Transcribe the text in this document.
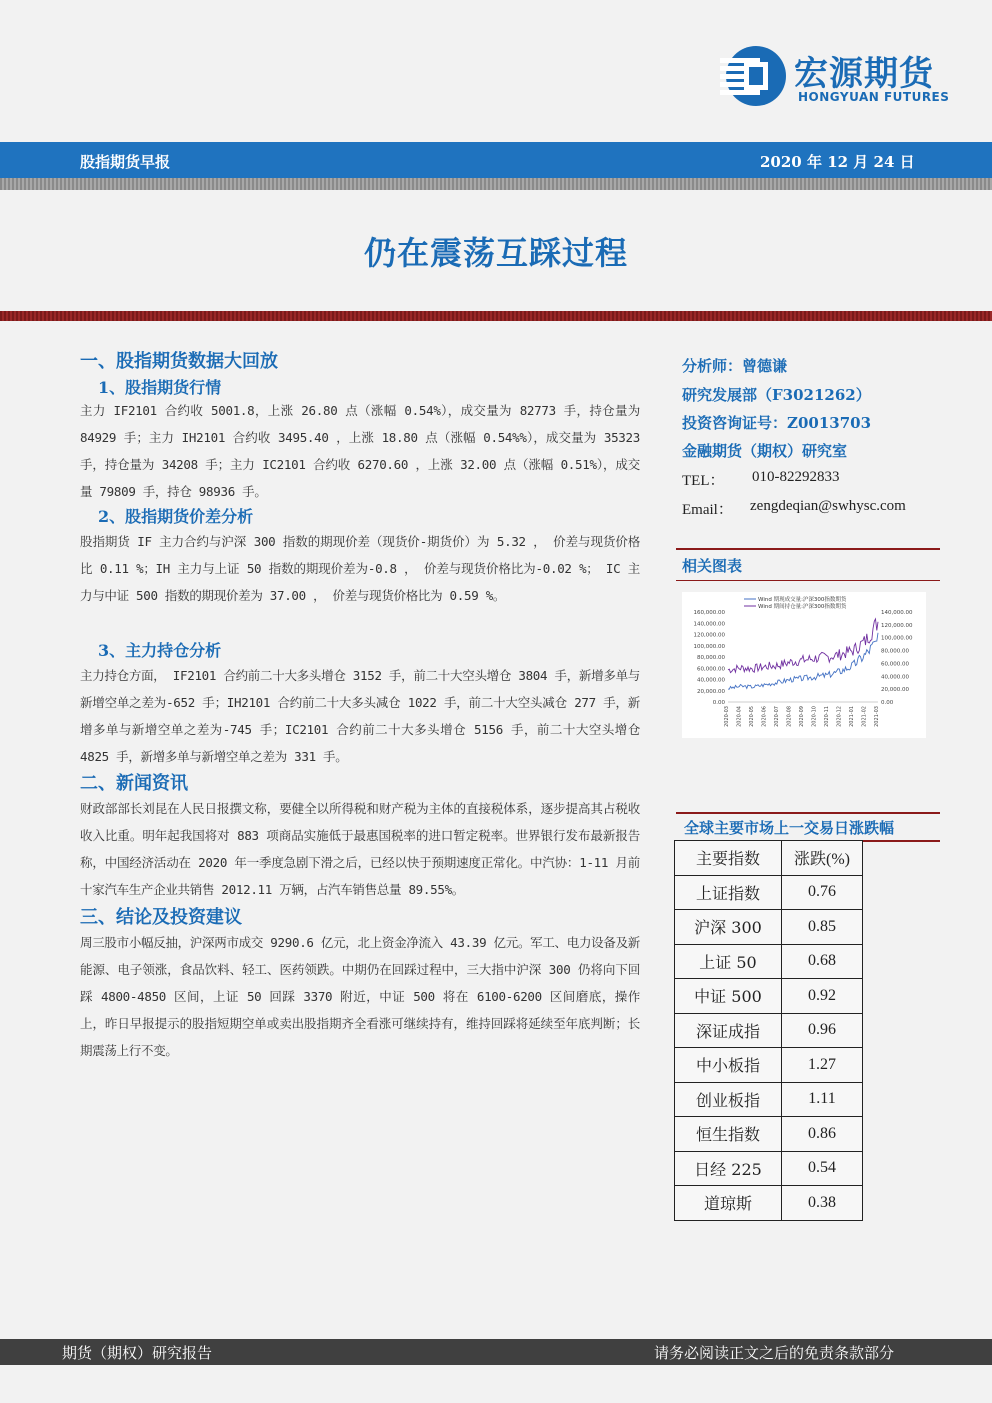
宏源期货
HONGYUAN FUTURES
股指期货早报	2020 年 12 月 24 日
仍在震荡互踩过程
一、股指期货数据大回放
1、股指期货行情
主力 IF2101 合约收 5001.8，上涨 26.80 点（涨幅 0.54%），成交量为 82773 手，持仓量为 84929 手；主力 IH2101 合约收 3495.40 ，上涨 18.80 点（涨幅 0.54%%），成交量为 35323 手，持仓量为 34208 手；主力 IC2101 合约收 6270.60 ，上涨 32.00 点（涨幅 0.51%），成交量 79809 手，持仓 98936 手。
2、股指期货价差分析
股指期货 IF 主力合约与沪深 300 指数的期现价差（现货价-期货价）为 5.32 ， 价差与现货价格比 0.11 %；IH 主力与上证 50 指数的期现价差为-0.8 ， 价差与现货价格比为-0.02 %； IC 主力与中证 500 指数的期现价差为 37.00 ， 价差与现货价格比为 0.59 %。
3、主力持仓分析
主力持仓方面， IF2101 合约前二十大多头增仓 3152 手，前二十大空头增仓 3804 手，新增多单与新增空单之差为-652 手；IH2101 合约前二十大多头减仓 1022 手，前二十大空头减仓 277 手，新增多单与新增空单之差为-745 手；IC2101 合约前二十大多头增仓 5156 手，前二十大空头增仓 4825 手，新增多单与新增空单之差为 331 手。
二、新闻资讯
财政部部长刘昆在人民日报撰文称，要健全以所得税和财产税为主体的直接税体系，逐步提高其占税收收入比重。明年起我国将对 883 项商品实施低于最惠国税率的进口暂定税率。世界银行发布最新报告称，中国经济活动在 2020 年一季度急剧下滑之后，已经以快于预期速度正常化。中汽协：1-11 月前十家汽车生产企业共销售 2012.11 万辆，占汽车销售总量 89.55%。
三、结论及投资建议
周三股市小幅反抽，沪深两市成交 9290.6 亿元，北上资金净流入 43.39 亿元。军工、电力设备及新能源、电子领涨，食品饮料、轻工、医药领跌。中期仍在回踩过程中，三大指中沪深 300 仍将向下回踩 4800-4850 区间，上证 50 回踩 3370 附近，中证 500 将在 6100-6200 区间磨底，操作上，昨日早报提示的股指短期空单或卖出股指期齐全看涨可继续持有，维持回踩将延续至年底判断；长期震荡上行不变。
分析师：曾德谦
研究发展部（F3021262）
投资咨询证号：Z0013703
金融期货（期权）研究室
TEL： 010-82292833
Email： zengdeqian@swhysc.com
相关图表
160,000.00
140,000.00
120,000.00
100,000.00
80,000.00
60,000.00
40,000.00
20,000.00
0.00
140,000.00
120,000.00
100,000.00
80,000.00
60,000.00
40,000.00
20,000.00
0.00
2020-03 2020-04 2020-05 2020-06 2020-07 2020-08 2020-09 2020-10 2020-11 2020-12 2021-01 2021-02 2021-03
Wind 期现成交量:沪深300指数期货
Wind 期间持仓量:沪深300指数期货
全球主要市场上一交易日涨跌幅
主要指数	涨跌(%)
上证指数	0.76
沪深 300	0.85
上证 50	0.68
中证 500	0.92
深证成指	0.96
中小板指	1.27
创业板指	1.11
恒生指数	0.86
日经 225	0.54
道琼斯	0.38
期货（期权）研究报告	请务必阅读正文之后的免责条款部分
